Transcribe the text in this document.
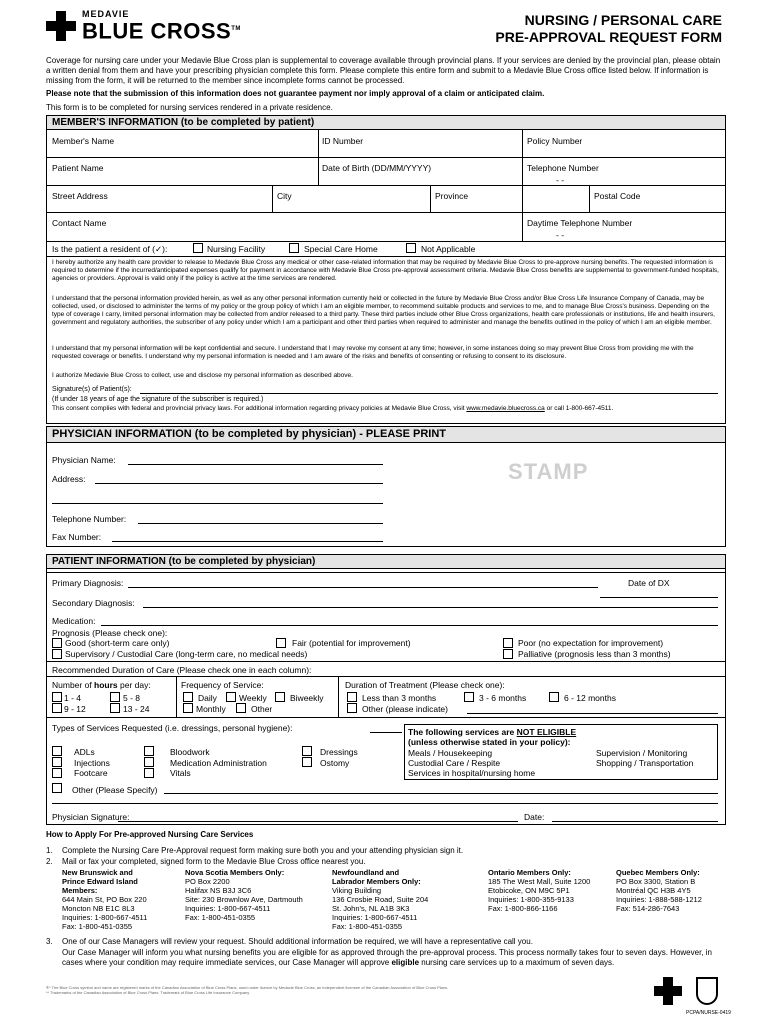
MEDAVIE
BLUE CROSS™
NURSING / PERSONAL CARE
PRE-APPROVAL REQUEST FORM
Coverage for nursing care under your Medavie Blue Cross plan is supplemental to coverage available through provincial plans. If your services are denied by the provincial plan, please obtain a written denial from them and have your prescribing physician complete this form. Please complete this entire form and submit to a Medavie Blue Cross office listed below. If information is missing from the form, it will be returned to the member since incomplete forms cannot be processed.
Please note that the submission of this information does not guarantee payment nor imply approval of a claim or anticipated claim.
This form is to be completed for nursing services rendered in a private residence.
MEMBER'S INFORMATION (to be completed by patient)
Member's Name	ID Number	Policy Number
Patient Name	Date of Birth (DD/MM/YYYY)	Telephone Number
- -
Street Address	City	Province	Postal Code
Contact Name	Daytime Telephone Number
- -
Is the patient a resident of (✓):	Nursing Facility	Special Care Home	Not Applicable
I hereby authorize any health care provider to release to Medavie Blue Cross any medical or other case-related information that may be required by Medavie Blue Cross to pre-approve nursing benefits. The requested information is required to determine if the incurred/anticipated expenses qualify for payment in accordance with Medavie Blue Cross pre-approval assessment criteria. Medavie Blue Cross benefits are supplemental to government-funded hospitals, agencies or providers. Approval is valid only if the policy is active at the time services are rendered.
I understand that the personal information provided herein, as well as any other personal information currently held or collected in the future by Medavie Blue Cross and/or Blue Cross Life Insurance Company of Canada, may be collected, used, or disclosed to administer the terms of my policy or the group policy of which I am an eligible member, to recommend suitable products and services to me, and to manage Blue Cross's business. Depending on the type of coverage I carry, limited personal information may be collected from and/or released to a third party. These third parties include other Blue Cross organizations, health care professionals or institutions, life and health insurers, government and regulatory authorities, the subscriber of any policy under which I am a participant and other third parties when required to administer and manage the benefits outlined in the policy of which I am an eligible member.
I understand that my personal information will be kept confidential and secure. I understand that I may revoke my consent at any time; however, in some instances doing so may prevent Blue Cross from providing me with the requested coverage or benefits. I understand why my personal information is needed and I am aware of the risks and benefits of consenting or refusing to consent to its disclosure.
I authorize Medavie Blue Cross to collect, use and disclose my personal information as described above.
Signature(s) of Patient(s):
(If under 18 years of age the signature of the subscriber is required.)
This consent complies with federal and provincial privacy laws. For additional information regarding privacy policies at Medavie Blue Cross, visit www.medavie.bluecross.ca or call 1-800-667-4511.
PHYSICIAN INFORMATION (to be completed by physician) - PLEASE PRINT
Physician Name:
Address:
Telephone Number:
Fax Number:
STAMP
PATIENT INFORMATION (to be completed by physician)
Primary Diagnosis:	Date of DX
Secondary Diagnosis:
Medication:
Prognosis (Please check one):
Good (short-term care only)	Fair (potential for improvement)	Poor (no expectation for improvement)
Supervisory / Custodial Care (long-term care, no medical needs)	Palliative (prognosis less than 3 months)
Recommended Duration of Care (Please check one in each column):
Number of hours per day:
1 - 4	5 - 8
9 - 12	13 - 24
Frequency of Service:
Daily	Weekly	Biweekly
Monthly	Other
Duration of Treatment (Please check one):
Less than 3 months	3 - 6 months	6 - 12 months
Other (please indicate)
Types of Services Requested (i.e. dressings, personal hygiene):
ADLs
Injections
Footcare
Bloodwork
Medication Administration
Vitals
Dressings
Ostomy
The following services are NOT ELIGIBLE
(unless otherwise stated in your policy):
Meals / Housekeeping	Supervision / Monitoring
Custodial Care / Respite	Shopping / Transportation
Services in hospital/nursing home
Other (Please Specify)
Physician Signature:	Date:
How to Apply For Pre-approved Nursing Care Services
1. Complete the Nursing Care Pre-Approval request form making sure both you and your attending physician sign it.
2. Mail or fax your completed, signed form to the Medavie Blue Cross office nearest you.
New Brunswick and
Prince Edward Island
Members:
644 Main St, PO Box 220
Moncton NB E1C 8L3
Inquiries: 1-800-667-4511
Fax: 1-800-451-0355
Nova Scotia Members Only:
PO Box 2200
Halifax NS B3J 3C6
Site: 230 Brownlow Ave, Dartmouth
Inquiries: 1-800-667-4511
Fax: 1-800-451-0355
Newfoundland and
Labrador Members Only:
Viking Building
136 Crosbie Road, Suite 204
St. John's, NL A1B 3K3
Inquiries: 1-800-667-4511
Fax: 1-800-451-0355
Ontario Members Only:
185 The West Mall, Suite 1200
Etobicoke, ON M9C 5P1
Inquiries: 1-800-355-9133
Fax: 1-800-866-1166
Quebec Members Only:
PO Box 3300, Station B
Montréal QC H3B 4Y5
Inquiries: 1-888-588-1212
Fax: 514-286-7643
3. One of our Case Managers will review your request. Should additional information be required, we will have a representative call you.
Our Case Manager will inform you what nursing benefits you are eligible for as approved through the pre-approval process. This process normally takes four to seven days. However, in cases where your condition may require immediate services, our Case Manager will approve eligible nursing care services up to a maximum of seven days.
®* The Blue Cross symbol and name are registered marks of the Canadian Association of Blue Cross Plans, used under licence by Medavie Blue Cross, an independent licensee of the Canadian Association of Blue Cross Plans.
** Trademarks of the Canadian Association of Blue Cross Plans. Trademark of Blue Cross Life Insurance Company
PCPA/NURSE-0419
